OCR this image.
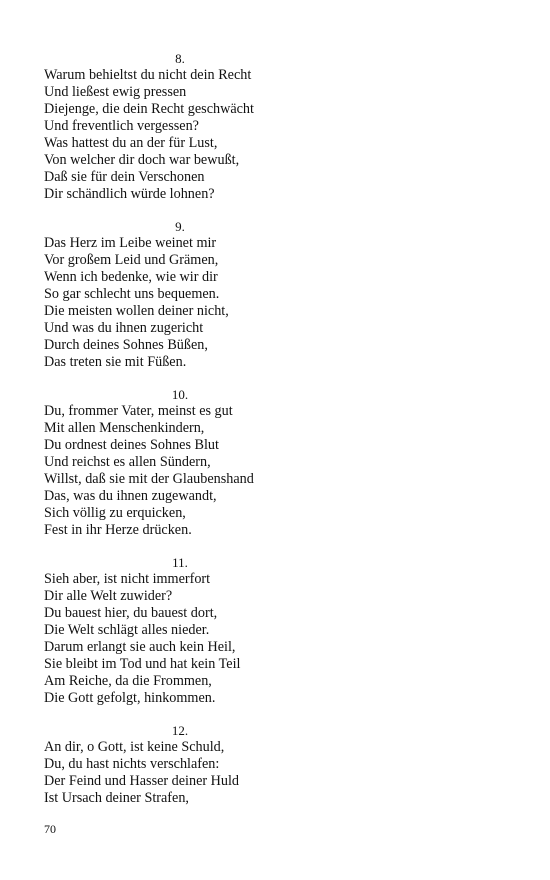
8.
Warum behieltst du nicht dein Recht
Und ließest ewig pressen
Diejenge, die dein Recht geschwächt
Und freventlich vergessen?
Was hattest du an der für Lust,
Von welcher dir doch war bewußt,
Daß sie für dein Verschonen
Dir schändlich würde lohnen?
9.
Das Herz im Leibe weinet mir
Vor großem Leid und Grämen,
Wenn ich bedenke, wie wir dir
So gar schlecht uns bequemen.
Die meisten wollen deiner nicht,
Und was du ihnen zugericht
Durch deines Sohnes Büßen,
Das treten sie mit Füßen.
10.
Du, frommer Vater, meinst es gut
Mit allen Menschenkindern,
Du ordnest deines Sohnes Blut
Und reichst es allen Sündern,
Willst, daß sie mit der Glaubenshand
Das, was du ihnen zugewandt,
Sich völlig zu erquicken,
Fest in ihr Herze drücken.
11.
Sieh aber, ist nicht immerfort
Dir alle Welt zuwider?
Du bauest hier, du bauest dort,
Die Welt schlägt alles nieder.
Darum erlangt sie auch kein Heil,
Sie bleibt im Tod und hat kein Teil
Am Reiche, da die Frommen,
Die Gott gefolgt, hinkommen.
12.
An dir, o Gott, ist keine Schuld,
Du, du hast nichts verschlafen:
Der Feind und Hasser deiner Huld
Ist Ursach deiner Strafen,
70
